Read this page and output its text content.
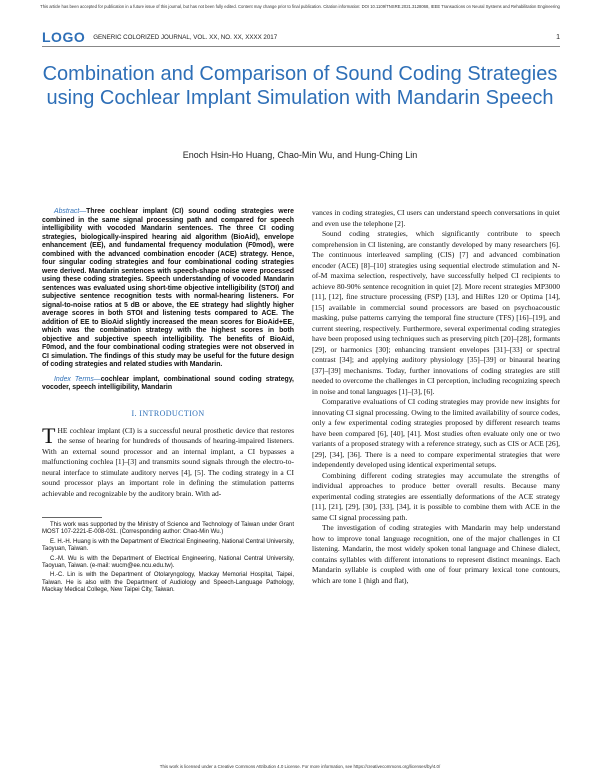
This article has been accepted for publication in a future issue of this journal, but has not been fully edited. Content may change prior to final publication. Citation information: DOI 10.1109/TNSRE.2021.3128068, IEEE Transactions on Neural Systems and Rehabilitation Engineering
LOGO GENERIC COLORIZED JOURNAL, VOL. XX, NO. XX, XXXX 2017	1
Combination and Comparison of Sound Coding Strategies using Cochlear Implant Simulation with Mandarin Speech
Enoch Hsin-Ho Huang, Chao-Min Wu, and Hung-Ching Lin

Abstract—Three cochlear implant (CI) sound coding strategies were combined in the same signal processing path and compared for speech intelligibility with vocoded Mandarin sentences. The three CI coding strategies, biologically-inspired hearing aid algorithm (BioAid), envelope enhancement (EE), and fundamental frequency modulation (F0mod), were combined with the advanced combination encoder (ACE) strategy. Hence, four singular coding strategies and four combinational coding strategies were derived. Mandarin sentences with speech-shape noise were processed using these coding strategies. Speech understanding of vocoded Mandarin sentences was evaluated using short-time objective intelligibility (STOI) and subjective sentence recognition tests with normal-hearing listeners. For signal-to-noise ratios at 5 dB or above, the EE strategy had slightly higher average scores in both STOI and listening tests compared to ACE. The addition of EE to BioAid slightly increased the mean scores for BioAid+EE, which was the combination strategy with the highest scores in both objective and subjective speech intelligibility. The benefits of BioAid, F0mod, and the four combinational coding strategies were not observed in CI simulation. The findings of this study may be useful for the future design of coding strategies and related studies with Mandarin.

Index Terms—cochlear implant, combinational sound coding strategy, vocoder, speech intelligibility, Mandarin

I. INTRODUCTION

THE cochlear implant (CI) is a successful neural prosthetic device that restores the sense of hearing for hundreds of thousands of hearing-impaired listeners. With an external sound processor and an internal implant, a CI bypasses a malfunctioning cochlea [1]–[3] and transmits sound signals through the electro-to-neural interface to stimulate auditory nerves [4], [5]. The coding strategy in a CI sound processor plays an important role in defining the stimulation patterns achievable and recognizable by the auditory brain. With ad-

This work was supported by the Ministry of Science and Technology of Taiwan under Grant MOST 107-2221-E-008-031. (Corresponding author: Chao-Min Wu.)

E. H.-H. Huang is with the Department of Electrical Engineering, National Central University, Taoyuan, Taiwan.

C.-M. Wu is with the Department of Electrical Engineering, National Central University, Taoyuan, Taiwan. (e-mail: wucm@ee.ncu.edu.tw).

H.-C. Lin is with the Department of Otolaryngology, Mackay Memorial Hospital, Taipei, Taiwan. He is also with the Department of Audiology and Speech-Language Pathology, Mackay Medical College, New Taipei City, Taiwan.

vances in coding strategies, CI users can understand speech conversations in quiet and even use the telephone [2].

Sound coding strategies, which significantly contribute to speech comprehension in CI listening, are constantly developed by many researchers [6]. The continuous interleaved sampling (CIS) [7] and advanced combination encoder (ACE) [8]–[10] strategies using sequential electrode stimulation and N-of-M maxima selection, respectively, have successfully helped CI recipients to achieve 80-90% sentence recognition in quiet [2]. More recent strategies MP3000 [11], [12], fine structure processing (FSP) [13], and HiRes 120 or Optima [14], [15] available in commercial sound processors are based on psychoacoustic masking, pulse patterns carrying the temporal fine structure (TFS) [16]–[19], and current steering, respectively. Furthermore, several experimental coding strategies have been proposed using techniques such as preserving pitch [20]–[28], formants [29], or harmonics [30]; enhancing transient envelopes [31]–[33] or spectral contrast [34]; and applying auditory physiology [35]–[39] or binaural hearing [37]–[39] mechanisms. Today, further innovations of coding strategies are still needed to overcome the challenges in CI perception, including recognizing speech in noise and tonal languages [1]–[3], [6].

Comparative evaluations of CI coding strategies may provide new insights for innovating CI signal processing. Owing to the limited availability of source codes, only a few experimental coding strategies proposed by different research teams have been compared [6], [40], [41]. Most studies often evaluate only one or two variants of a proposed strategy with a reference strategy, such as CIS or ACE [26], [29], [34], [36]. There is a need to compare experimental strategies that were independently developed using identical experimental setups.

Combining different coding strategies may accumulate the strengths of individual approaches to produce better overall results. Because many experimental coding strategies are essentially deformations of the ACE strategy [11], [21], [29], [30], [33], [34], it is possible to combine them with ACE in the same CI signal processing path.

The investigation of coding strategies with Mandarin may help understand how to improve tonal language recognition, one of the major challenges in CI listening. Mandarin, the most widely spoken tonal language and Chinese dialect, contains syllables with different intonations to represent distinct meanings. Each Mandarin syllable is coupled with one of four primary lexical tone contours, which are tone 1 (high and flat),

This work is licensed under a Creative Commons Attribution 4.0 License. For more information, see https://creativecommons.org/licenses/by/4.0/
